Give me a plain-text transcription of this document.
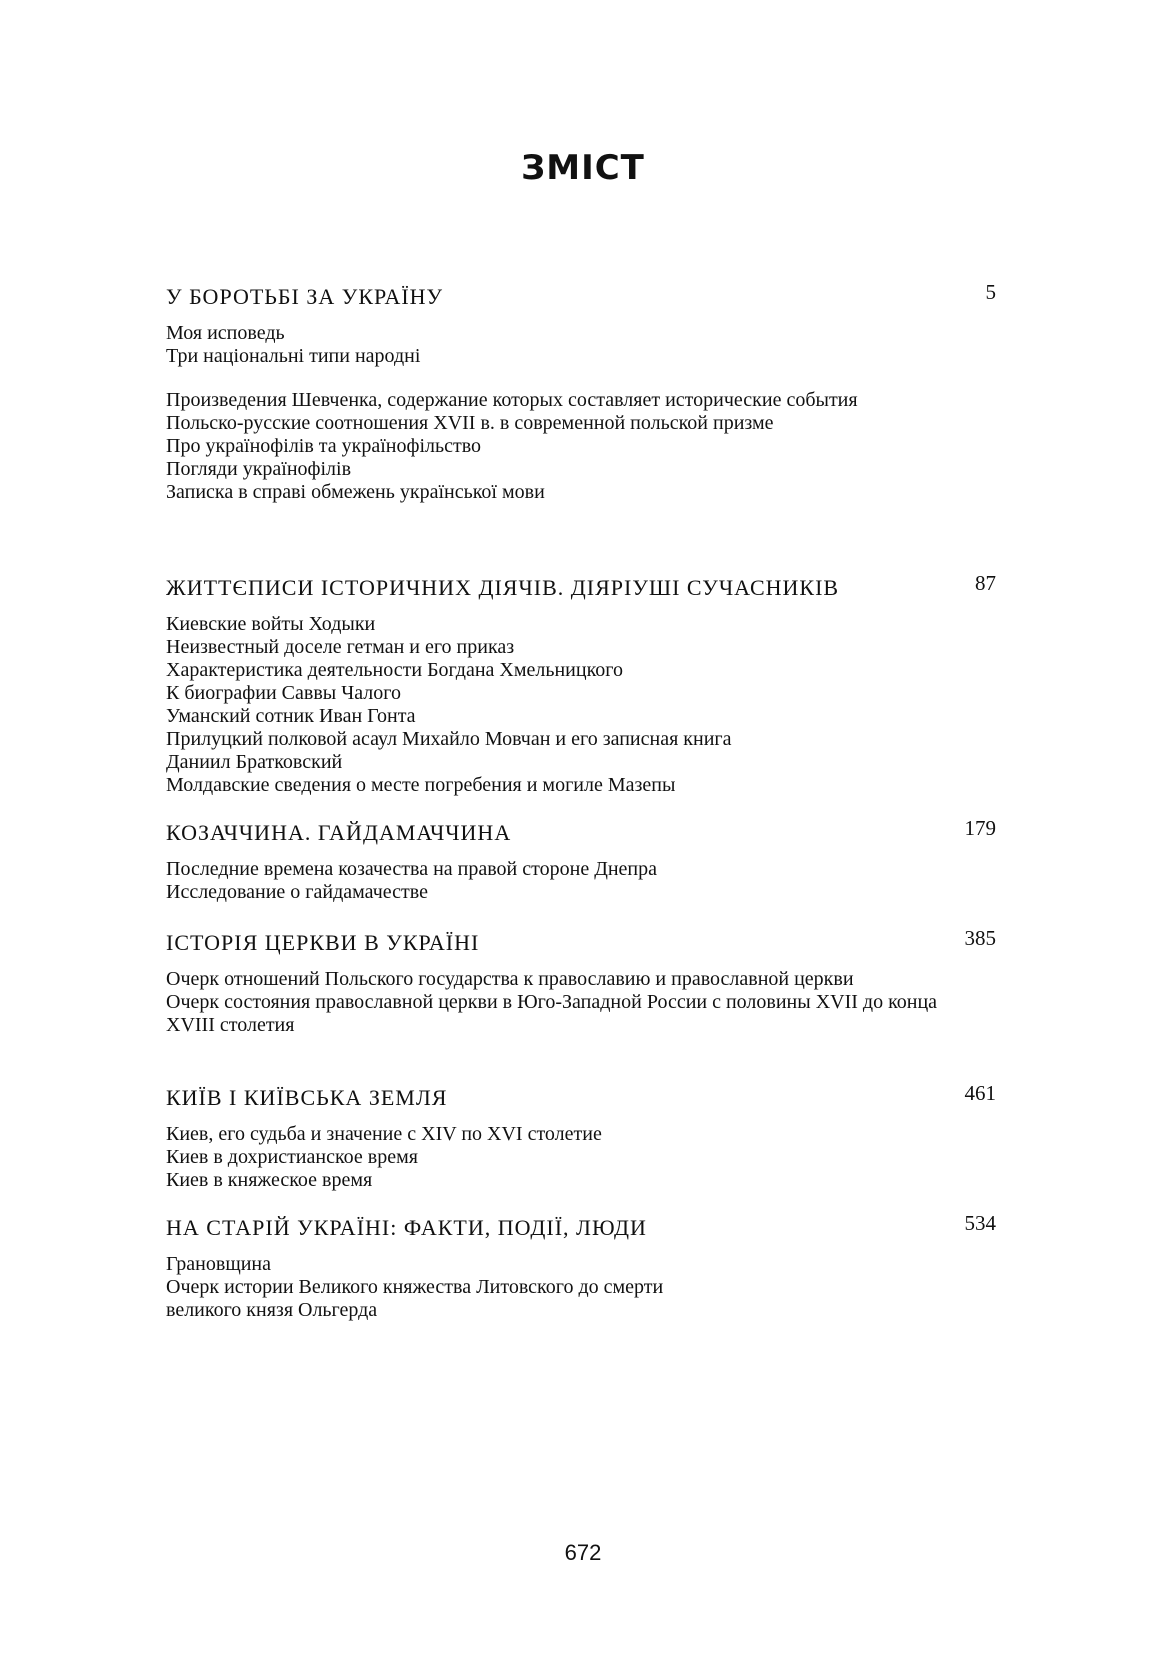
ЗМІСТ
У БОРОТЬБІ ЗА УКРАЇНУ	5
Моя исповедь
Три національні типи народні
Произведения Шевченка, содержание которых составляет исторические события
Польско-русские соотношения XVII в. в современной польской призме
Про українофілів та українофільство
Погляди українофілів
Записка в справі обмежень української мови
ЖИТТЄПИСИ ІСТОРИЧНИХ ДІЯЧІВ. ДІЯРІУШІ СУЧАСНИКІВ	87
Киевские войты Ходыки
Неизвестный доселе гетман и его приказ
Характеристика деятельности Богдана Хмельницкого
К биографии Саввы Чалого
Уманский сотник Иван Гонта
Прилуцкий полковой асаул Михайло Мовчан и его записная книга
Даниил Братковский
Молдавские сведения о месте погребения и могиле Мазепы
КОЗАЧЧИНА. ГАЙДАМАЧЧИНА	179
Последние времена козачества на правой стороне Днепра
Исследование о гайдамачестве
ІСТОРІЯ ЦЕРКВИ В УКРАЇНІ	385
Очерк отношений Польского государства к православию и православной церкви
Очерк состояния православной церкви в Юго-Западной России с половины XVII до конца XVIII столетия
КИЇВ І КИЇВСЬКА ЗЕМЛЯ	461
Киев, его судьба и значение с XIV по XVI столетие
Киев в дохристианское время
Киев в княжеское время
НА СТАРІЙ УКРАЇНІ: ФАКТИ, ПОДІЇ, ЛЮДИ	534
Грановщина
Очерк истории Великого княжества Литовского до смерти великого князя Ольгерда
672
